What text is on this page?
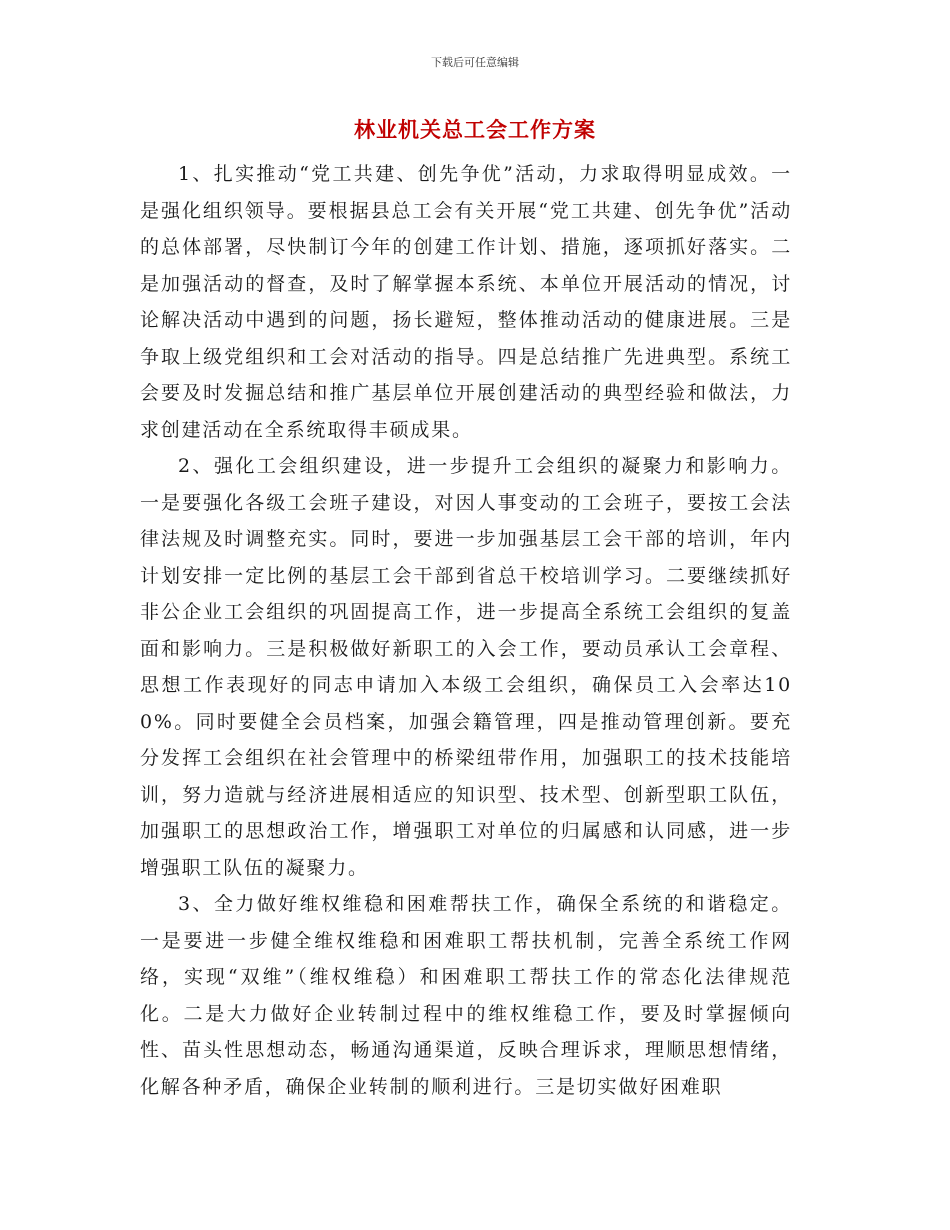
下载后可任意编辑
林业机关总工会工作方案

1、扎实推动“党工共建、创先争优”活动，力求取得明显成效。一是强化组织领导。要根据县总工会有关开展“党工共建、创先争优”活动的总体部署，尽快制订今年的创建工作计划、措施，逐项抓好落实。二是加强活动的督查，及时了解掌握本系统、本单位开展活动的情况，讨论解决活动中遇到的问题，扬长避短，整体推动活动的健康进展。三是争取上级党组织和工会对活动的指导。四是总结推广先进典型。系统工会要及时发掘总结和推广基层单位开展创建活动的典型经验和做法，力求创建活动在全系统取得丰硕成果。

2、强化工会组织建设，进一步提升工会组织的凝聚力和影响力。一是要强化各级工会班子建设，对因人事变动的工会班子，要按工会法律法规及时调整充实。同时，要进一步加强基层工会干部的培训，年内计划安排一定比例的基层工会干部到省总干校培训学习。二要继续抓好非公企业工会组织的巩固提高工作，进一步提高全系统工会组织的复盖面和影响力。三是积极做好新职工的入会工作，要动员承认工会章程、思想工作表现好的同志申请加入本级工会组织，确保员工入会率达100%。同时要健全会员档案，加强会籍管理，四是推动管理创新。要充分发挥工会组织在社会管理中的桥梁纽带作用，加强职工的技术技能培训，努力造就与经济进展相适应的知识型、技术型、创新型职工队伍，加强职工的思想政治工作，增强职工对单位的归属感和认同感，进一步增强职工队伍的凝聚力。

3、全力做好维权维稳和困难帮扶工作，确保全系统的和谐稳定。一是要进一步健全维权维稳和困难职工帮扶机制，完善全系统工作网络，实现“双维”（维权维稳）和困难职工帮扶工作的常态化法律规范化。二是大力做好企业转制过程中的维权维稳工作，要及时掌握倾向性、苗头性思想动态，畅通沟通渠道，反映合理诉求，理顺思想情绪，化解各种矛盾，确保企业转制的顺利进行。三是切实做好困难职
